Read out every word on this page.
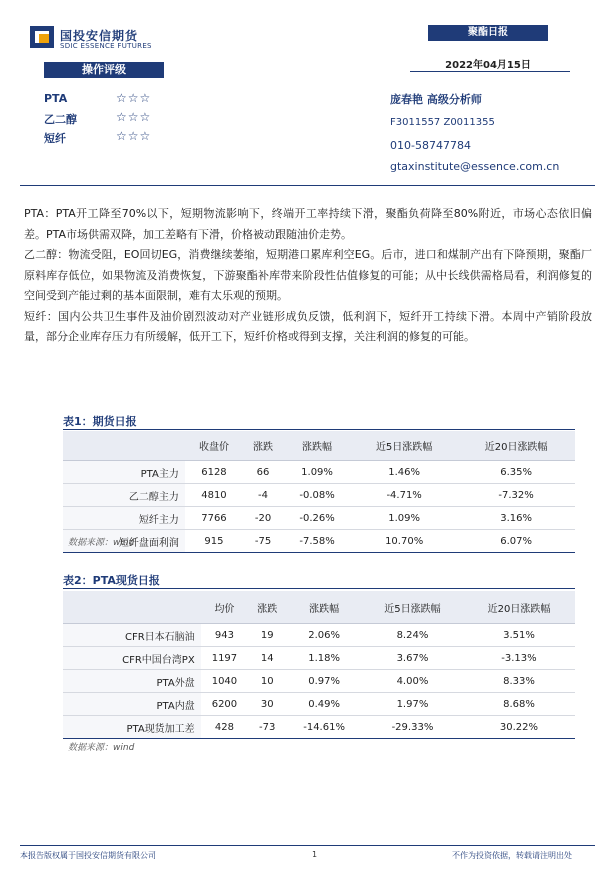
国投安信期货
SDIC ESSENCE FUTURES
聚酯日报
2022年04月15日
操作评级
PTA	☆☆☆
乙二醇	☆☆☆
短纤	☆☆☆
庞春艳 高级分析师
F3011557 Z0011355
010-58747784
gtaxinstitute@essence.com.cn

PTA：PTA开工降至70%以下，短期物流影响下，终端开工率持续下滑，聚酯负荷降至80%附近，市场心态依旧偏差。PTA市场供需双降，加工差略有下滑，价格被动跟随油价走势。

乙二醇：物流受阻，EO回切EG，消费继续萎缩，短期港口累库利空EG。后市，进口和煤制产出有下降预期，聚酯厂原料库存低位，如果物流及消费恢复，下游聚酯补库带来阶段性估值修复的可能；从中长线供需格局看，利润修复的空间受到产能过剩的基本面限制，难有太乐观的预期。

短纤：国内公共卫生事件及油价剧烈波动对产业链形成负反馈，低利润下，短纤开工持续下滑。本周中产销阶段放量，部分企业库存压力有所缓解，低开工下，短纤价格或得到支撑，关注利润的修复的可能。

表1：期货日报
	收盘价	涨跌	涨跌幅	近5日涨跌幅	近20日涨跌幅
PTA主力	6128	66	1.09%	1.46%	6.35%
乙二醇主力	4810	-4	-0.08%	-4.71%	-7.32%
短纤主力	7766	-20	-0.26%	1.09%	3.16%
短纤盘面利润	915	-75	-7.58%	10.70%	6.07%
数据来源：wind
表2：PTA现货日报
	均价	涨跌	涨跌幅	近5日涨跌幅	近20日涨跌幅
CFR日本石脑油	943	19	2.06%	8.24%	3.51%
CFR中国台湾PX	1197	14	1.18%	3.67%	-3.13%
PTA外盘	1040	10	0.97%	4.00%	8.33%
PTA内盘	6200	30	0.49%	1.97%	8.68%
PTA现货加工差	428	-73	-14.61%	-29.33%	30.22%
数据来源：wind
本报告版权属于国投安信期货有限公司	1	不作为投资依据，转载请注明出处
